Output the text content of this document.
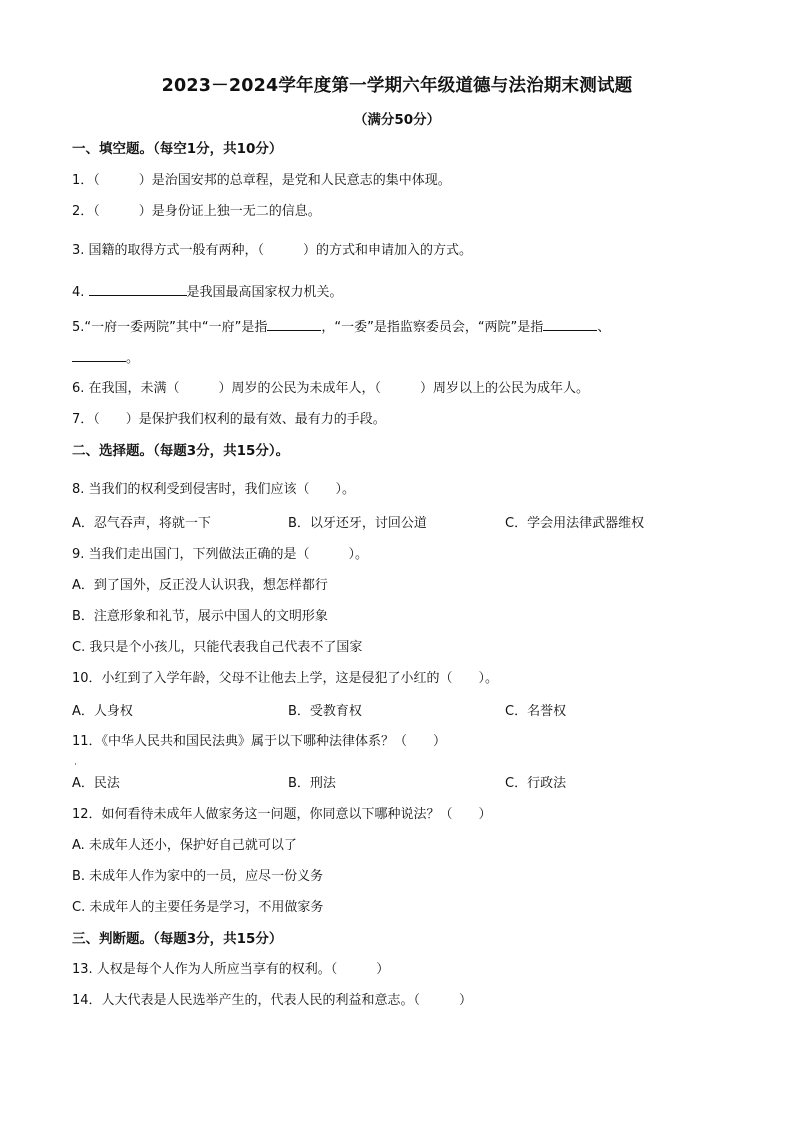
2023－2024学年度第一学期六年级道德与法治期末测试题
（满分50分）
一、填空题。（每空1分，共10分）
1．（　　　）是治国安邦的总章程，是党和人民意志的集中体现。
2．（　　　）是身份证上独一无二的信息。
3. 国籍的取得方式一般有两种，（　　　）的方式和申请加入的方式。
4.	是我国最高国家权力机关。
5.“一府一委两院”其中“一府”是指	，“一委”是指监察委员会，“两院”是指	、
。
6. 在我国，未满（　　　）周岁的公民为未成年人，（　　　）周岁以上的公民为成年人。
7．（　　）是保护我们权利的最有效、最有力的手段。
二、选择题。（每题3分，共15分）。
8. 当我们的权利受到侵害时，我们应该（　　）。
A．忍气吞声，将就一下	B．以牙还牙，讨回公道	C．学会用法律武器维权
9. 当我们走出国门，下列做法正确的是（　　　）。
A．到了国外，反正没人认识我，想怎样都行
B．注意形象和礼节，展示中国人的文明形象
C. 我只是个小孩儿，只能代表我自己代表不了国家
10．小红到了入学年龄，父母不让他去上学，这是侵犯了小红的（　　）。
A．人身权	B．受教育权	C．名誉权
11．《中华人民共和国民法典》属于以下哪种法律体系？（　　）
·
A．民法	B．刑法	C．行政法
12．如何看待未成年人做家务这一问题，你同意以下哪种说法？（　　）
A. 未成年人还小，保护好自己就可以了
B. 未成年人作为家中的一员，应尽一份义务
C. 未成年人的主要任务是学习，不用做家务
三、判断题。（每题3分，共15分）
13. 人权是每个人作为人所应当享有的权利。（　　　）
14．人大代表是人民选举产生的，代表人民的利益和意志。（　　　）
